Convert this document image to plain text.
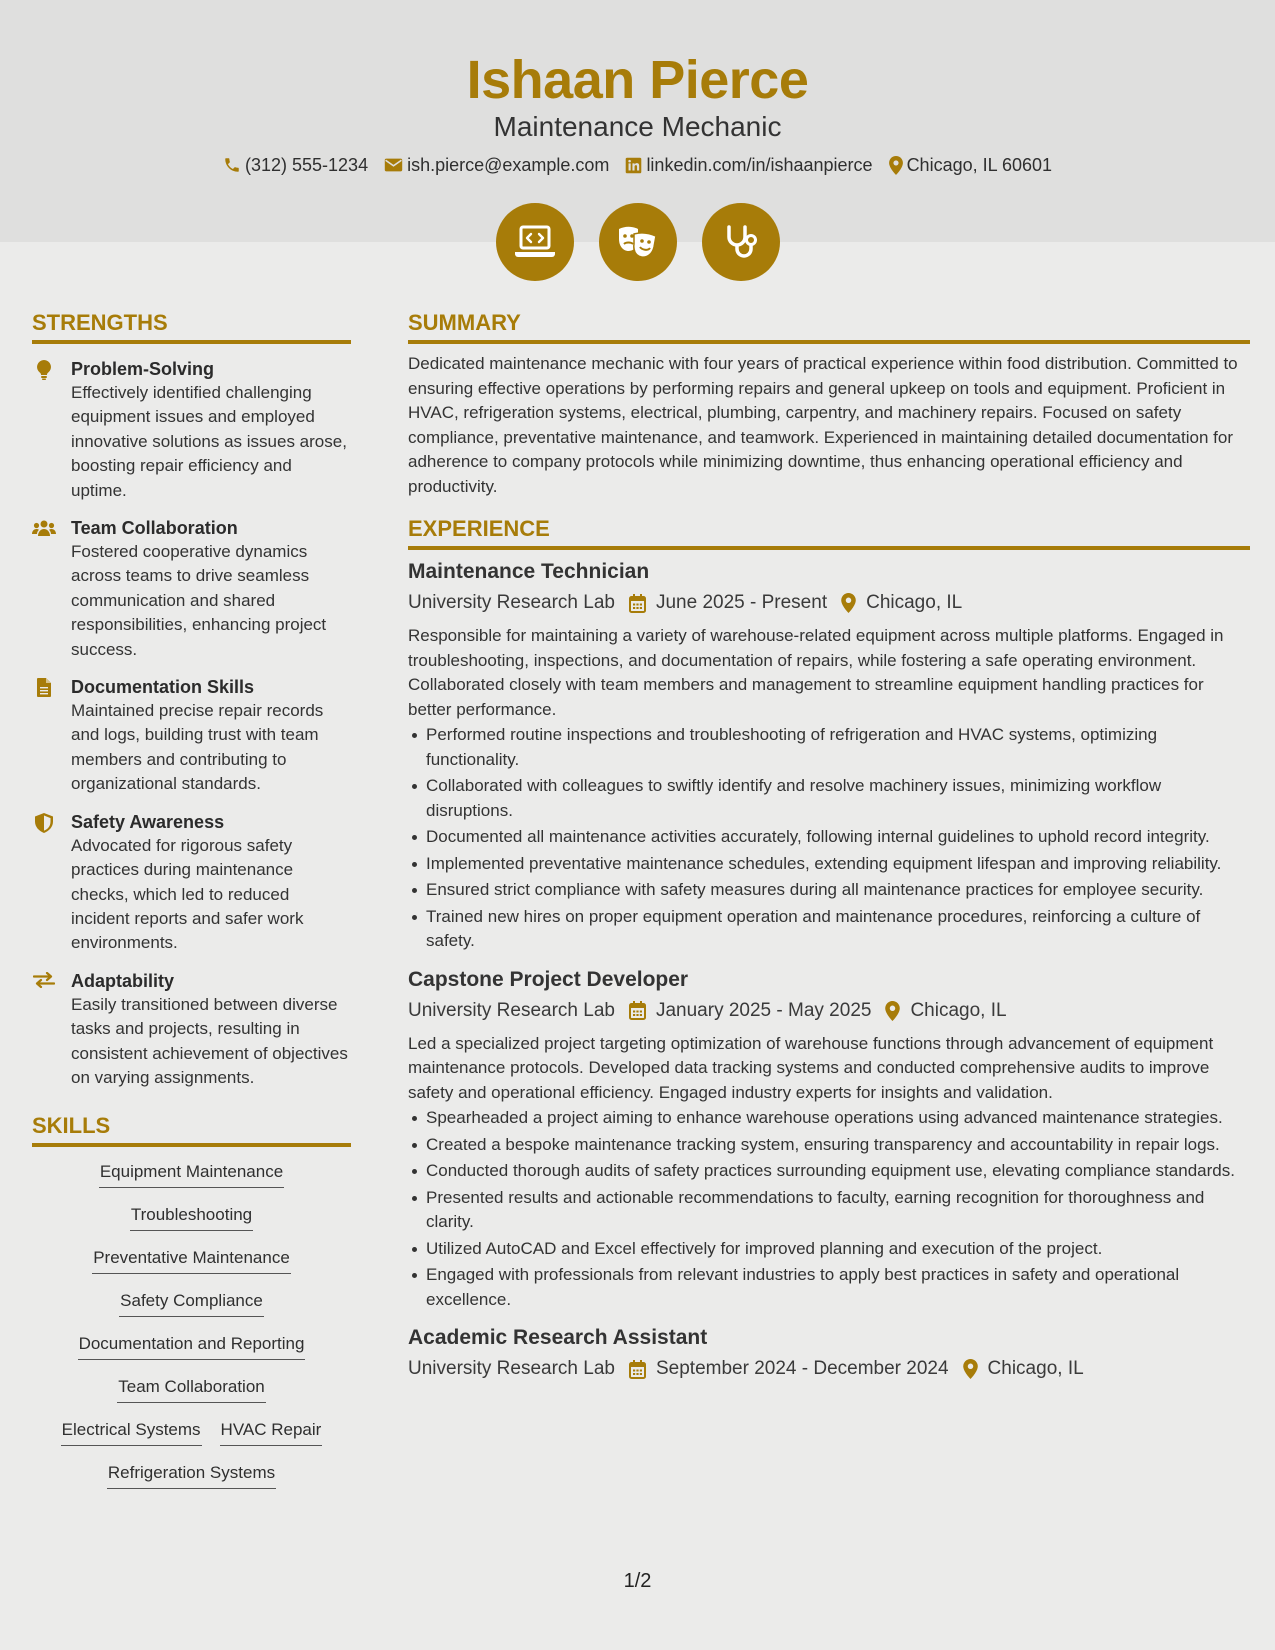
Ishaan Pierce
Maintenance Mechanic
(312) 555-1234 ish.pierce@example.com linkedin.com/in/ishaanpierce Chicago, IL 60601
STRENGTHS
Problem-Solving
Effectively identified challenging equipment issues and employed innovative solutions as issues arose, boosting repair efficiency and uptime.
Team Collaboration
Fostered cooperative dynamics across teams to drive seamless communication and shared responsibilities, enhancing project success.
Documentation Skills
Maintained precise repair records and logs, building trust with team members and contributing to organizational standards.
Safety Awareness
Advocated for rigorous safety practices during maintenance checks, which led to reduced incident reports and safer work environments.
Adaptability
Easily transitioned between diverse tasks and projects, resulting in consistent achievement of objectives on varying assignments.
SKILLS
Equipment Maintenance
Troubleshooting
Preventative Maintenance
Safety Compliance
Documentation and Reporting
Team Collaboration
Electrical Systems HVAC Repair
Refrigeration Systems
SUMMARY
Dedicated maintenance mechanic with four years of practical experience within food distribution. Committed to ensuring effective operations by performing repairs and general upkeep on tools and equipment. Proficient in HVAC, refrigeration systems, electrical, plumbing, carpentry, and machinery repairs. Focused on safety compliance, preventative maintenance, and teamwork. Experienced in maintaining detailed documentation for adherence to company protocols while minimizing downtime, thus enhancing operational efficiency and productivity.
EXPERIENCE
Maintenance Technician
University Research Lab June 2025 - Present Chicago, IL
Responsible for maintaining a variety of warehouse-related equipment across multiple platforms. Engaged in troubleshooting, inspections, and documentation of repairs, while fostering a safe operating environment. Collaborated closely with team members and management to streamline equipment handling practices for better performance.
Performed routine inspections and troubleshooting of refrigeration and HVAC systems, optimizing functionality.
Collaborated with colleagues to swiftly identify and resolve machinery issues, minimizing workflow disruptions.
Documented all maintenance activities accurately, following internal guidelines to uphold record integrity.
Implemented preventative maintenance schedules, extending equipment lifespan and improving reliability.
Ensured strict compliance with safety measures during all maintenance practices for employee security.
Trained new hires on proper equipment operation and maintenance procedures, reinforcing a culture of safety.
Capstone Project Developer
University Research Lab January 2025 - May 2025 Chicago, IL
Led a specialized project targeting optimization of warehouse functions through advancement of equipment maintenance protocols. Developed data tracking systems and conducted comprehensive audits to improve safety and operational efficiency. Engaged industry experts for insights and validation.
Spearheaded a project aiming to enhance warehouse operations using advanced maintenance strategies.
Created a bespoke maintenance tracking system, ensuring transparency and accountability in repair logs.
Conducted thorough audits of safety practices surrounding equipment use, elevating compliance standards.
Presented results and actionable recommendations to faculty, earning recognition for thoroughness and clarity.
Utilized AutoCAD and Excel effectively for improved planning and execution of the project.
Engaged with professionals from relevant industries to apply best practices in safety and operational excellence.
Academic Research Assistant
University Research Lab September 2024 - December 2024 Chicago, IL
1/2
